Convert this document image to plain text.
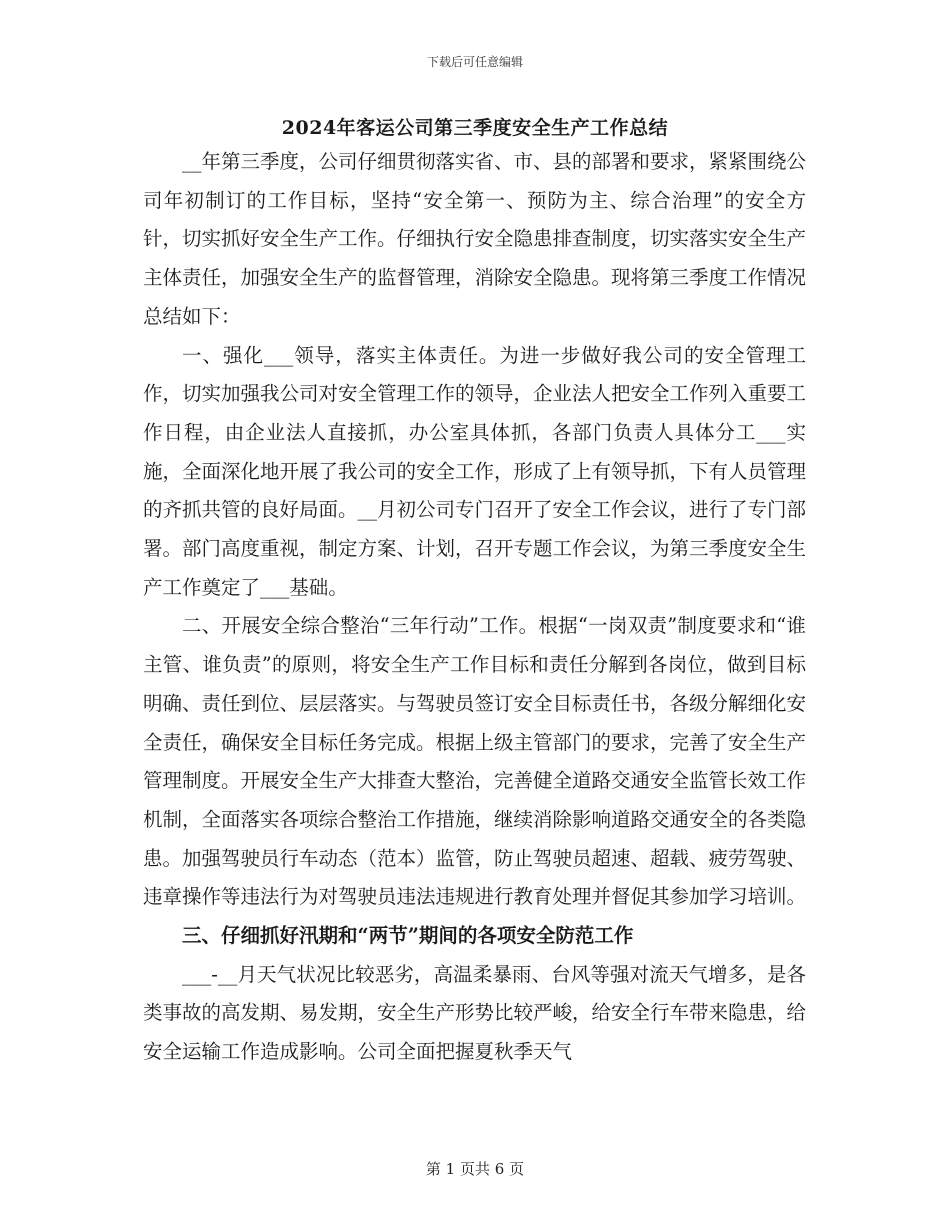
下载后可任意编辑
2024年客运公司第三季度安全生产工作总结

__年第三季度，公司仔细贯彻落实省、市、县的部署和要求，紧紧围绕公司年初制订的工作目标，坚持“安全第一、预防为主、综合治理”的安全方针，切实抓好安全生产工作。仔细执行安全隐患排查制度，切实落实安全生产主体责任，加强安全生产的监督管理，消除安全隐患。现将第三季度工作情况总结如下：

一、强化___领导，落实主体责任。为进一步做好我公司的安全管理工作，切实加强我公司对安全管理工作的领导，企业法人把安全工作列入重要工作日程，由企业法人直接抓，办公室具体抓，各部门负责人具体分工___实施，全面深化地开展了我公司的安全工作，形成了上有领导抓，下有人员管理的齐抓共管的良好局面。__月初公司专门召开了安全工作会议，进行了专门部署。部门高度重视，制定方案、计划，召开专题工作会议，为第三季度安全生产工作奠定了___基础。

二、开展安全综合整治“三年行动”工作。根据“一岗双责”制度要求和“谁主管、谁负责”的原则，将安全生产工作目标和责任分解到各岗位，做到目标明确、责任到位、层层落实。与驾驶员签订安全目标责任书，各级分解细化安全责任，确保安全目标任务完成。根据上级主管部门的要求，完善了安全生产管理制度。开展安全生产大排查大整治，完善健全道路交通安全监管长效工作机制，全面落实各项综合整治工作措施，继续消除影响道路交通安全的各类隐患。加强驾驶员行车动态（范本）监管，防止驾驶员超速、超载、疲劳驾驶、违章操作等违法行为对驾驶员违法违规进行教育处理并督促其参加学习培训。

三、仔细抓好汛期和“两节”期间的各项安全防范工作

___-__月天气状况比较恶劣，高温柔暴雨、台风等强对流天气增多，是各类事故的高发期、易发期，安全生产形势比较严峻，给安全行车带来隐患，给安全运输工作造成影响。公司全面把握夏秋季天气

第 1 页共 6 页
